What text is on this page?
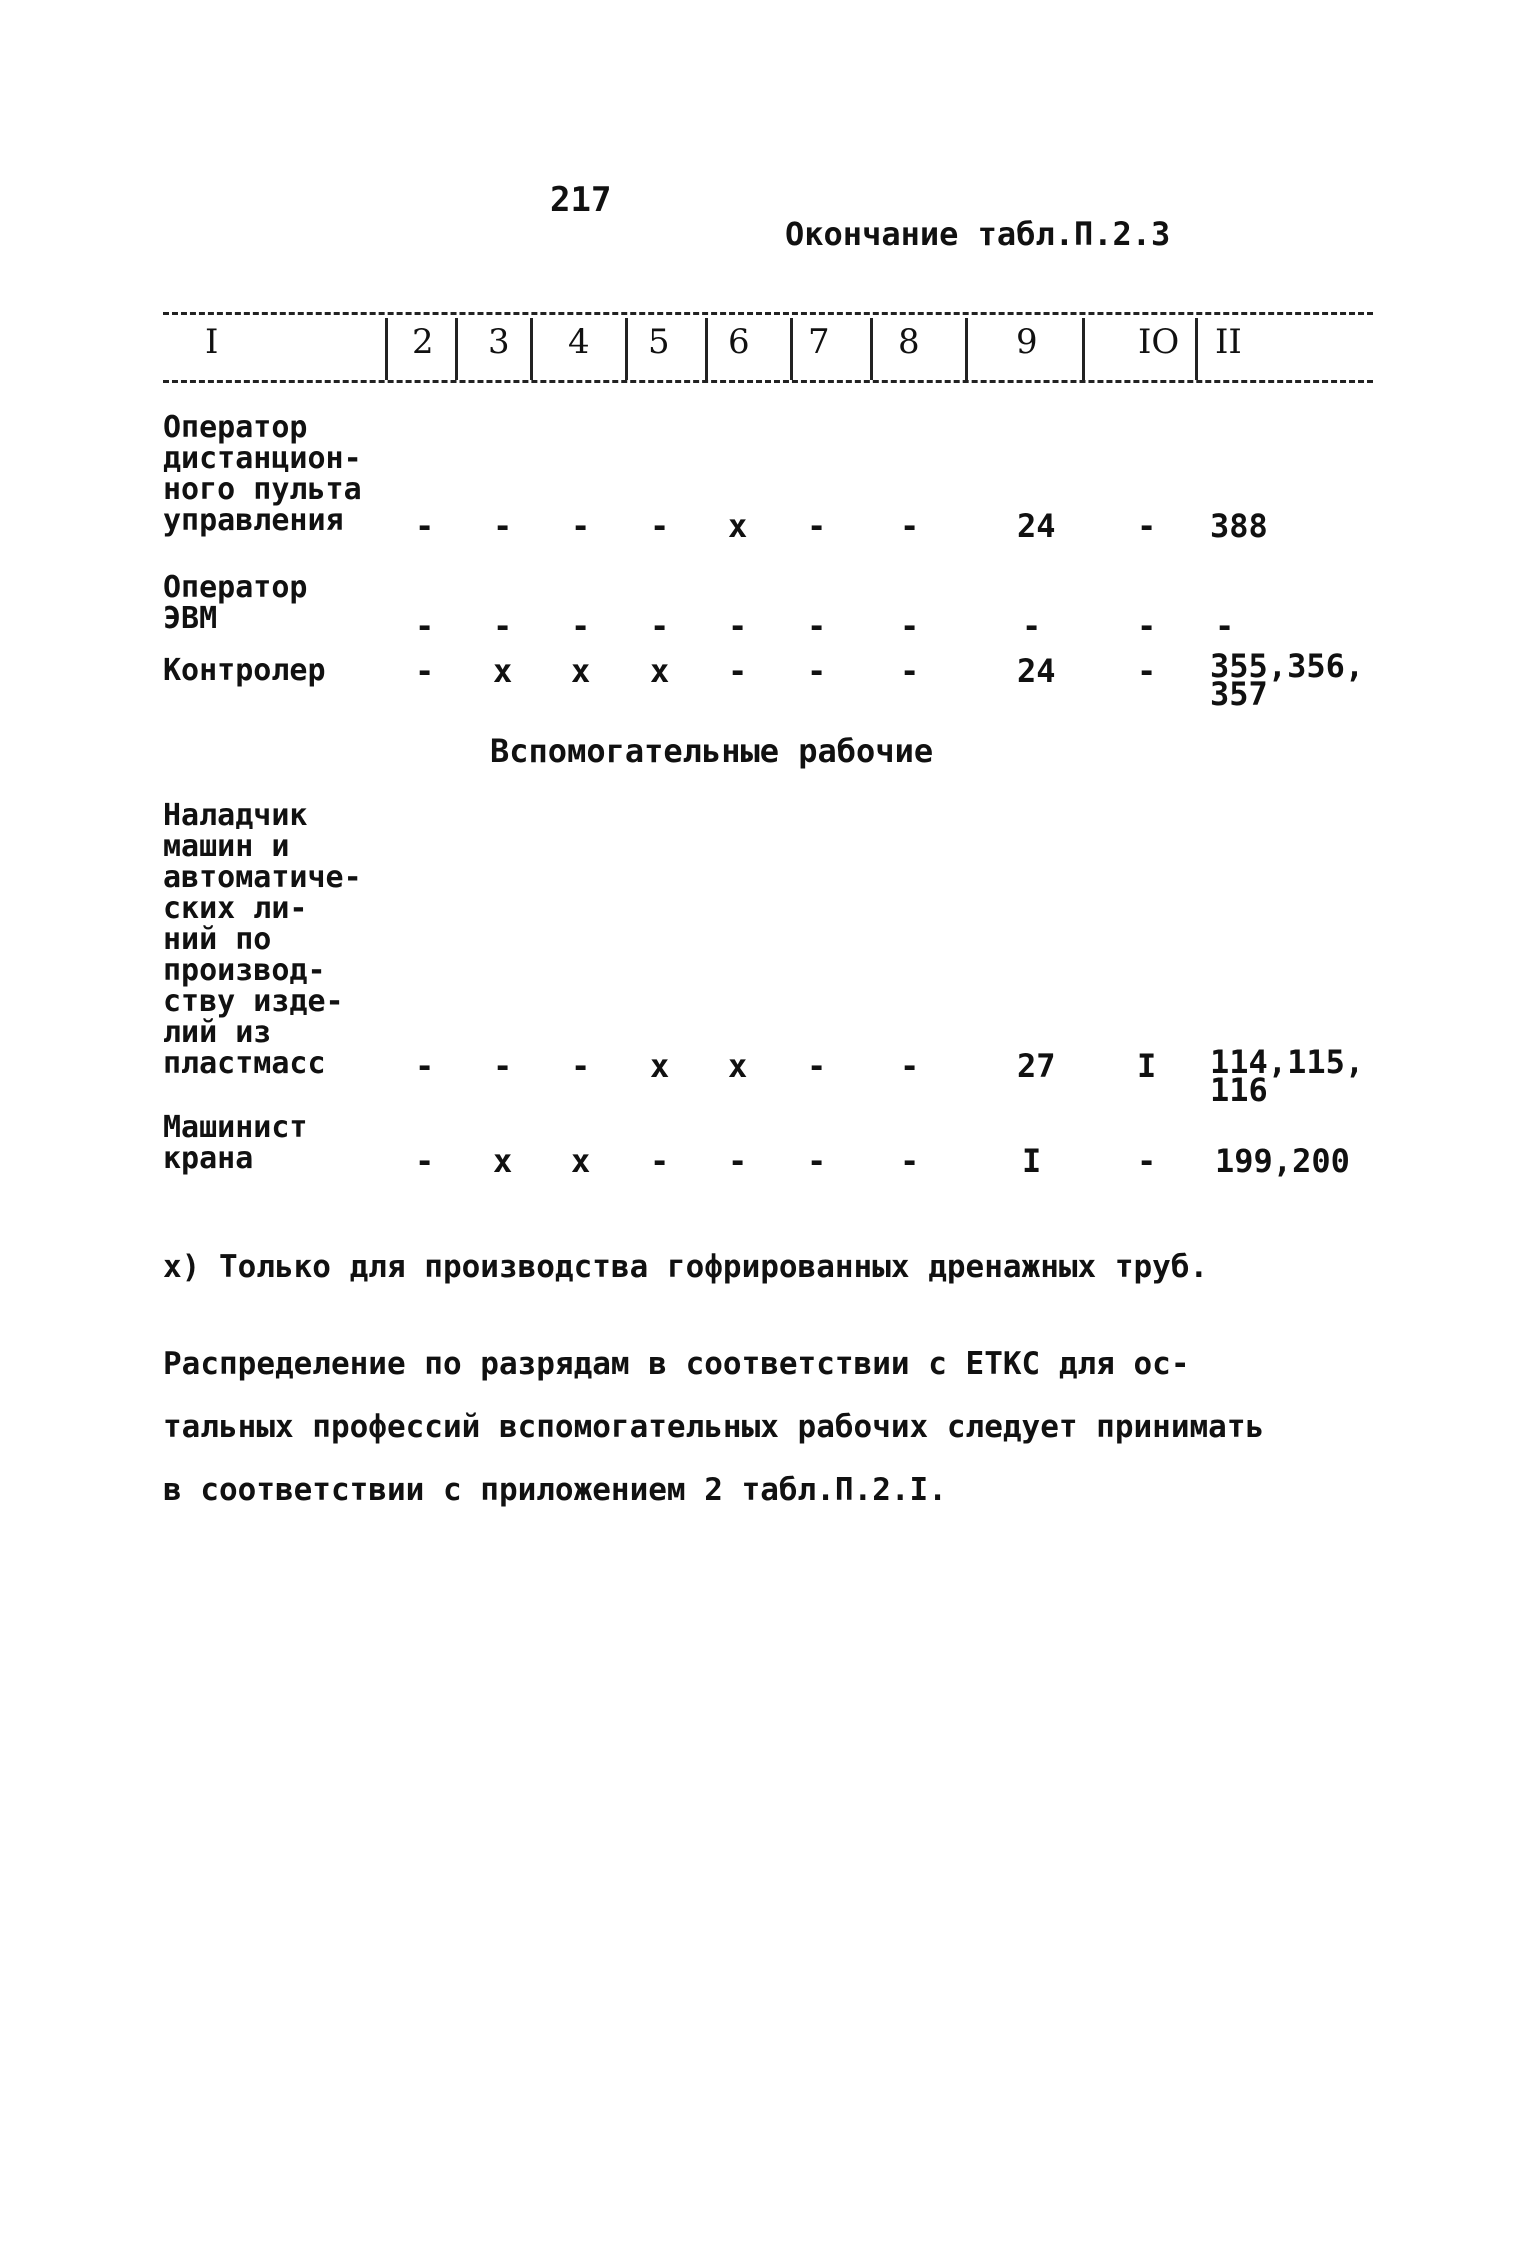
217
Окончание табл.П.2.3
I	2 3 4 5 6 7 8	9	IO II
Оператор
дистанцион-
ного пульта
управления	- - - - x - -	24	- 388
Оператор
ЭВМ	- - - - - - -	-	- -
Контролер	- x x x - - -	24	- 355,356,
357
Вспомогательные рабочие
Наладчик
машин и
автоматиче-
ских ли-
ний по
производ-
ству изде-
лий из
пластмасс	- - - x x - -	27	I 114,115,
116
Машинист
крана	- x x - - - -	I	- 199,200
x) Только для производства гофрированных дренажных труб.
Распределение по разрядам в соответствии с ЕТКС для ос-
тальных профессий вспомогательных рабочих следует принимать
в соответствии с приложением 2 табл.П.2.I.
